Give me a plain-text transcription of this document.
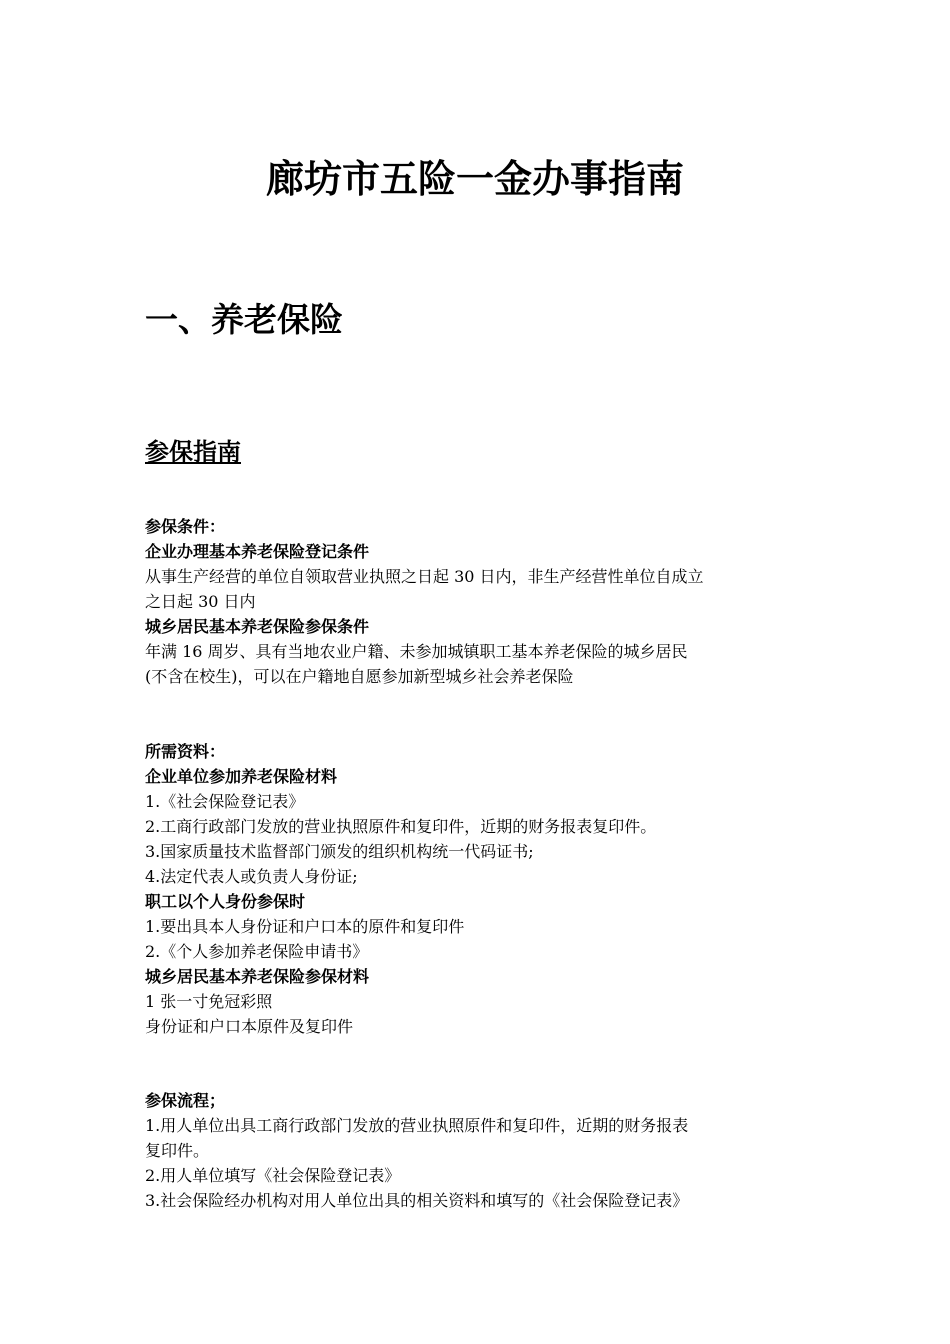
廊坊市五险一金办事指南
一、养老保险
参保指南
参保条件：
企业办理基本养老保险登记条件
从事生产经营的单位自领取营业执照之日起 30 日内，非生产经营性单位自成立
之日起 30 日内
城乡居民基本养老保险参保条件
年满 16 周岁、具有当地农业户籍、未参加城镇职工基本养老保险的城乡居民
(不含在校生)，可以在户籍地自愿参加新型城乡社会养老保险
所需资料：
企业单位参加养老保险材料
1.《社会保险登记表》
2.工商行政部门发放的营业执照原件和复印件，近期的财务报表复印件。
3.国家质量技术监督部门颁发的组织机构统一代码证书;
4.法定代表人或负责人身份证;
职工以个人身份参保时
1.要出具本人身份证和户口本的原件和复印件
2.《个人参加养老保险申请书》
城乡居民基本养老保险参保材料
1 张一寸免冠彩照
身份证和户口本原件及复印件
参保流程；
1.用人单位出具工商行政部门发放的营业执照原件和复印件，近期的财务报表
复印件。
2.用人单位填写《社会保险登记表》
3.社会保险经办机构对用人单位出具的相关资料和填写的《社会保险登记表》
